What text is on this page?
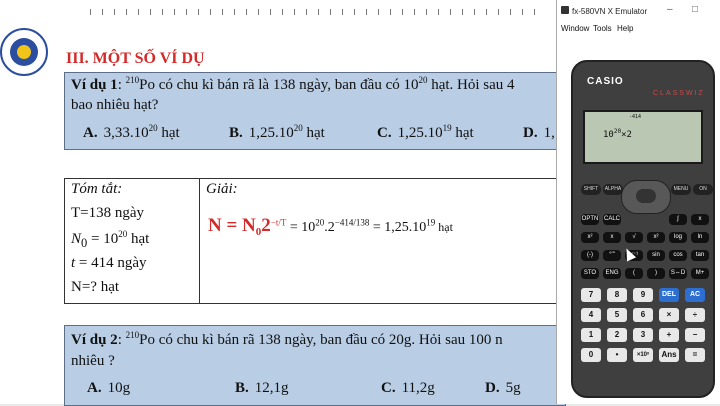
III. MỘT SỐ VÍ DỤ
Ví dụ 1: $^{210}$Po có chu kì bán rã là 138 ngày, ban đầu có $10^{20}$ hạt. Hỏi sau 4
bao nhiêu hạt?
A. 3,33.10$^{20}$ hạt	B. 1,25.10$^{20}$ hạt	C. 1,25.10$^{19}$ hạt	D. 1,
Tóm tắt:
T=138 ngày
$N_0 = 10^{20}$ hạt
t = 414 ngày
N=? hạt
Giải:
$N = N_02^{-t/T} = 10^{20}.2^{-414/138} = 1,25.10^{19}$ hạt
Ví dụ 2: $^{210}$Po có chu kì bán rã 138 ngày, ban đầu có 20g. Hỏi sau 100 n
nhiêu ?
A. 10g	B. 12,1g	C. 11,2g	D. 5g
fx-580VN X Emulator – □
Window Tools Help
CASIO
CLASSWIZ
-414
$10^{20}\times 2$
SHIFT	ALPHA	MENU	ON
OPTN CALC	∫	x
x²	x	√	x²	log	ln
(-)	°'"	x⁻¹	sin	cos	tan
STO	ENG	(	)	S⇔D	M+
7	8	9	DEL	AC
4	5	6	×	÷
1	2	3	+	−
0	•	×10ˣ	Ans	=
